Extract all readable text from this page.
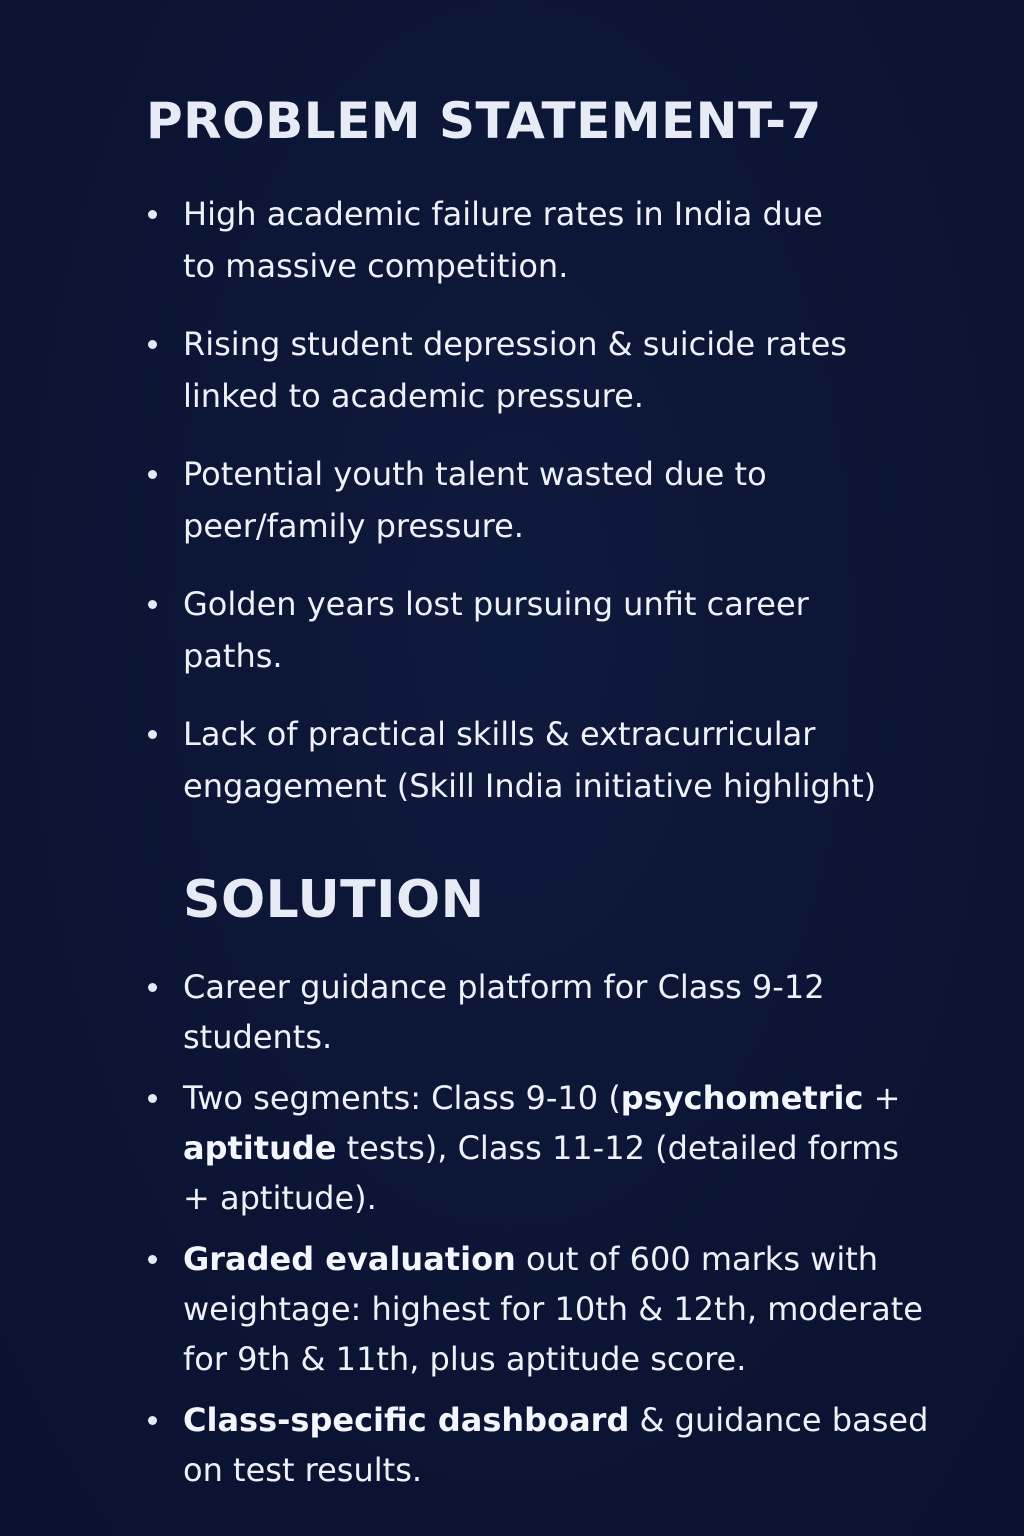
PROBLEM STATEMENT-7
High academic failure rates in India due
to massive competition.
Rising student depression & suicide rates
linked to academic pressure.
Potential youth talent wasted due to
peer/family pressure.
Golden years lost pursuing unfit career
paths.
Lack of practical skills & extracurricular
engagement (Skill India initiative highlight)
SOLUTION
Career guidance platform for Class 9-12
students.
Two segments: Class 9-10 (psychometric +
aptitude tests), Class 11-12 (detailed forms
+ aptitude).
Graded evaluation out of 600 marks with
weightage: highest for 10th & 12th, moderate
for 9th & 11th, plus aptitude score.
Class-specific dashboard & guidance based
on test results.
